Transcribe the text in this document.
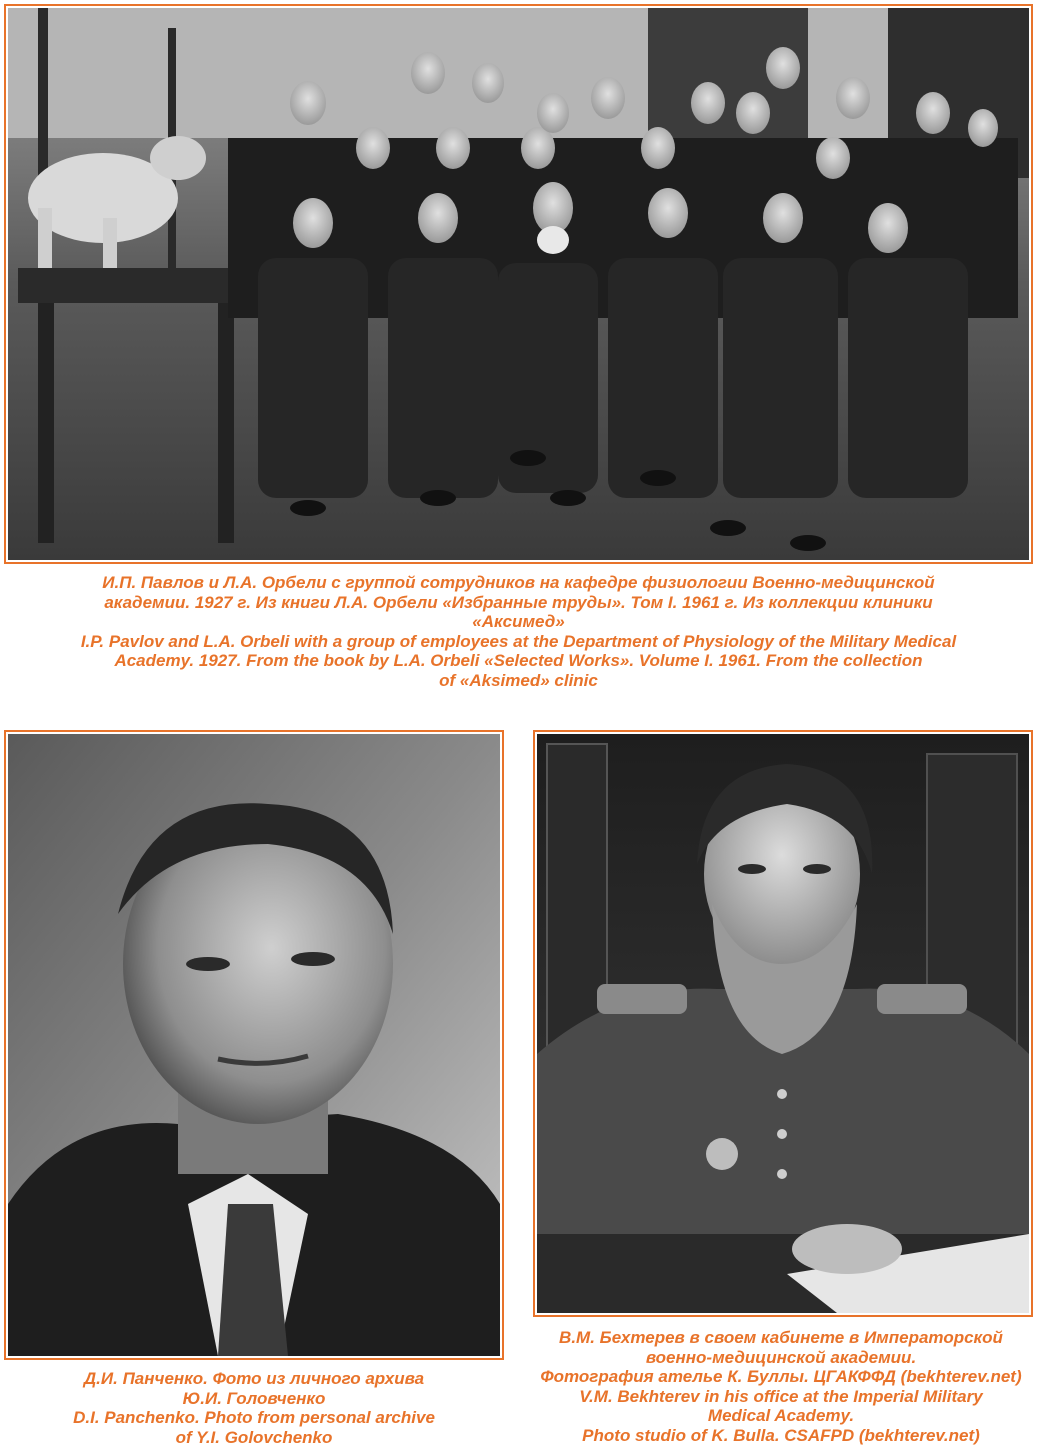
И.П. Павлов и Л.А. Орбели с группой сотрудников на кафедре физиологии Военно-медицинской
академии. 1927 г. Из книги Л.А. Орбели «Избранные труды». Том I. 1961 г. Из коллекции клиники
«Аксимед»
I.P. Pavlov and L.A. Orbeli with a group of employees at the Department of Physiology of the Military Medical
Academy. 1927. From the book by L.A. Orbeli «Selected Works». Volume I. 1961. From the collection
of «Aksimed» clinic
Д.И. Панченко. Фото из личного архива
Ю.И. Головченко
D.I. Panchenko. Photo from personal archive
of Y.I. Golovchenko
В.М. Бехтерев в своем кабинете в Императорской
военно-медицинской академии.
Фотография ателье К. Буллы. ЦГАКФФД (bekhterev.net)
V.M. Bekhterev in his office at the Imperial Military
Medical Academy.
Photo studio of K. Bulla. CSAFPD (bekhterev.net)
